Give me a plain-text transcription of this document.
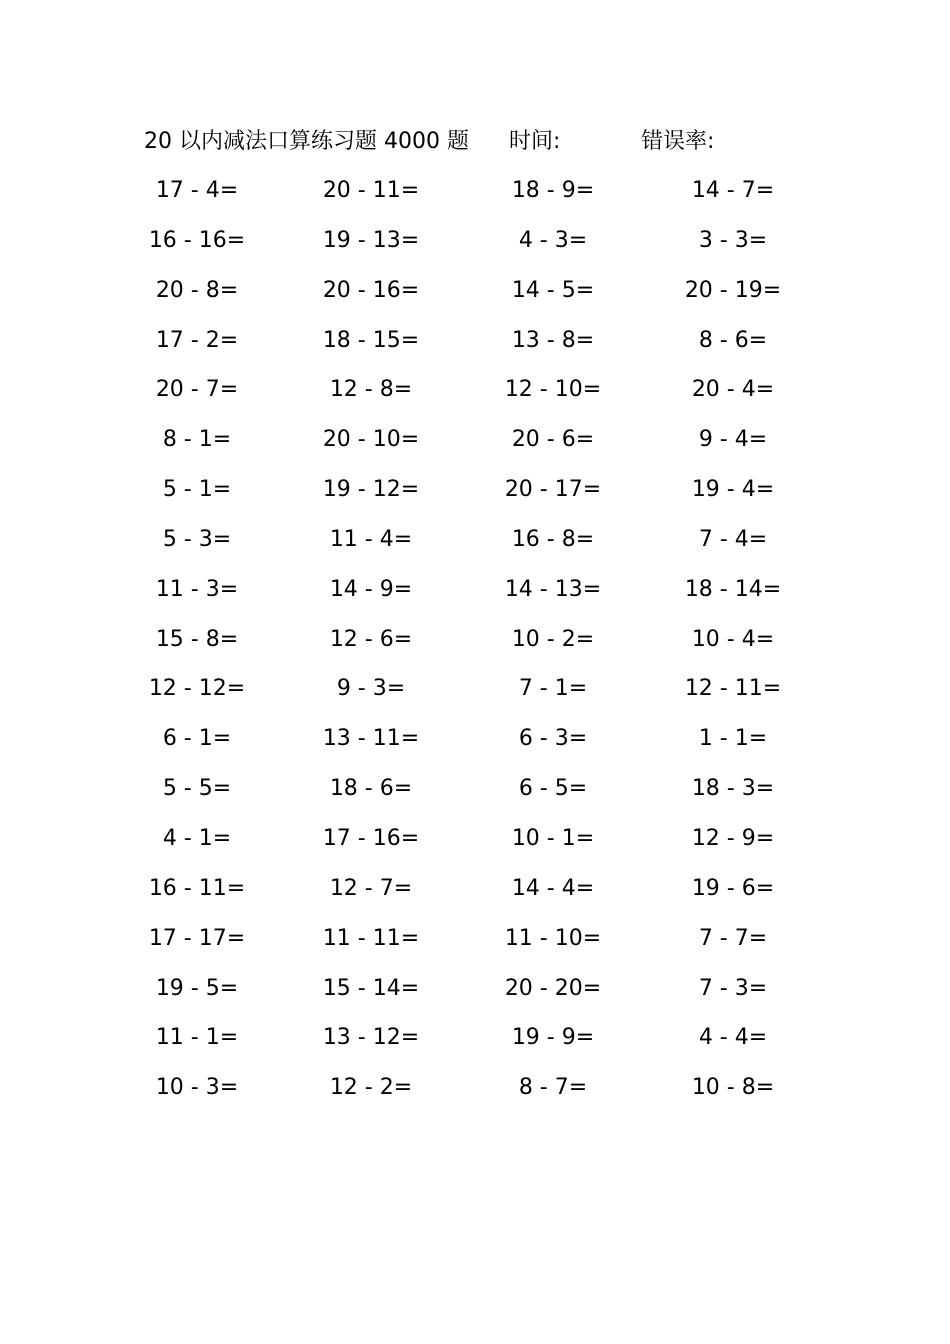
20 以内减法口算练习题 4000 题 时间:	错误率:
17 - 4=	20 - 11=	18 - 9=	14 - 7=
16 - 16=	19 - 13=	4 - 3=	3 - 3=
20 - 8=	20 - 16=	14 - 5=	20 - 19=
17 - 2=	18 - 15=	13 - 8=	8 - 6=
20 - 7=	12 - 8=	12 - 10=	20 - 4=
8 - 1=	20 - 10=	20 - 6=	9 - 4=
5 - 1=	19 - 12=	20 - 17=	19 - 4=
5 - 3=	11 - 4=	16 - 8=	7 - 4=
11 - 3=	14 - 9=	14 - 13=	18 - 14=
15 - 8=	12 - 6=	10 - 2=	10 - 4=
12 - 12=	9 - 3=	7 - 1=	12 - 11=
6 - 1=	13 - 11=	6 - 3=	1 - 1=
5 - 5=	18 - 6=	6 - 5=	18 - 3=
4 - 1=	17 - 16=	10 - 1=	12 - 9=
16 - 11=	12 - 7=	14 - 4=	19 - 6=
17 - 17=	11 - 11=	11 - 10=	7 - 7=
19 - 5=	15 - 14=	20 - 20=	7 - 3=
11 - 1=	13 - 12=	19 - 9=	4 - 4=
10 - 3=	12 - 2=	8 - 7=	10 - 8=
